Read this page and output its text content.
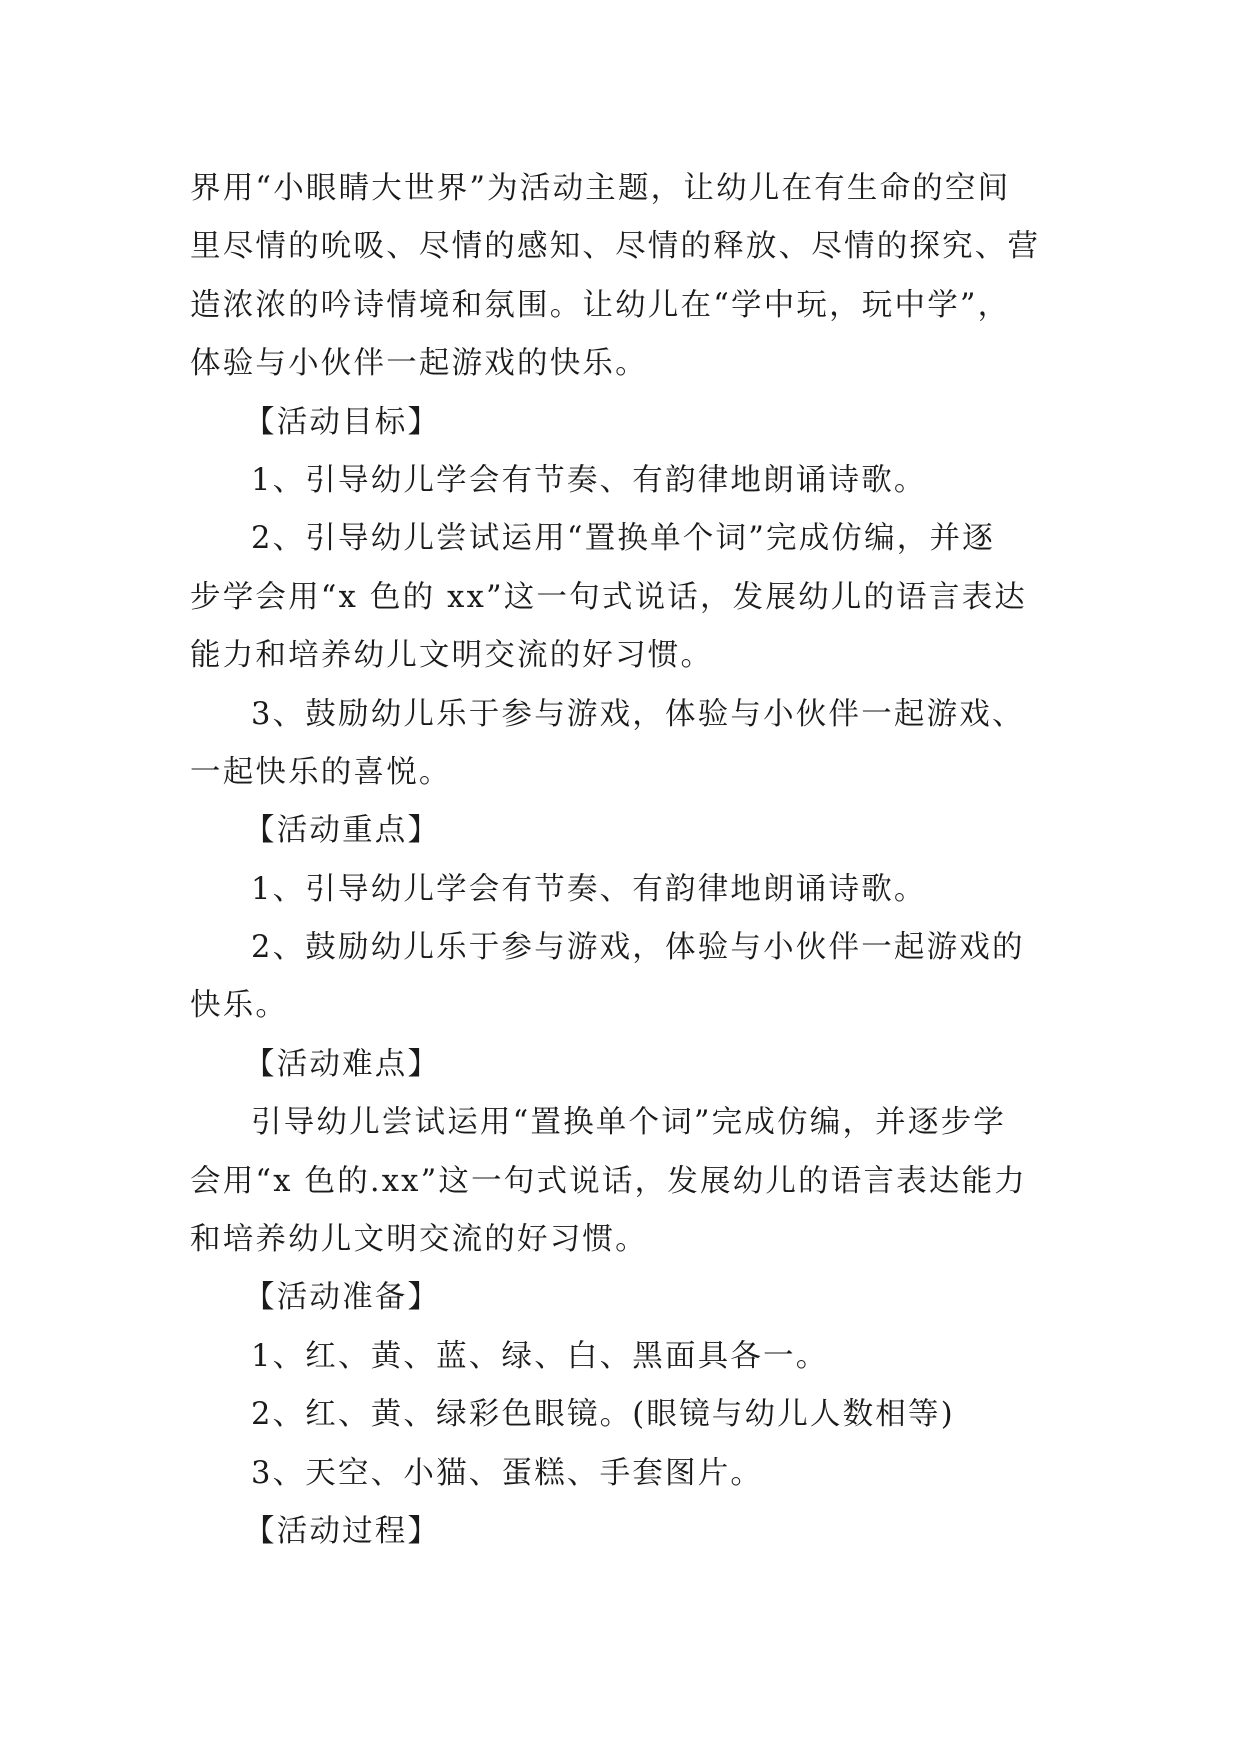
界用“小眼睛大世界”为活动主题，让幼儿在有生命的空间
里尽情的吮吸、尽情的感知、尽情的释放、尽情的探究、营
造浓浓的吟诗情境和氛围。让幼儿在“学中玩，玩中学”，
体验与小伙伴一起游戏的快乐。
【活动目标】
1、引导幼儿学会有节奏、有韵律地朗诵诗歌。
2、引导幼儿尝试运用“置换单个词”完成仿编，并逐
步学会用“x 色的 xx”这一句式说话，发展幼儿的语言表达
能力和培养幼儿文明交流的好习惯。
3、鼓励幼儿乐于参与游戏，体验与小伙伴一起游戏、
一起快乐的喜悦。
【活动重点】
1、引导幼儿学会有节奏、有韵律地朗诵诗歌。
2、鼓励幼儿乐于参与游戏，体验与小伙伴一起游戏的
快乐。
【活动难点】
引导幼儿尝试运用“置换单个词”完成仿编，并逐步学
会用“x 色的.xx”这一句式说话，发展幼儿的语言表达能力
和培养幼儿文明交流的好习惯。
【活动准备】
1、红、黄、蓝、绿、白、黑面具各一。
2、红、黄、绿彩色眼镜。(眼镜与幼儿人数相等)
3、天空、小猫、蛋糕、手套图片。
【活动过程】
